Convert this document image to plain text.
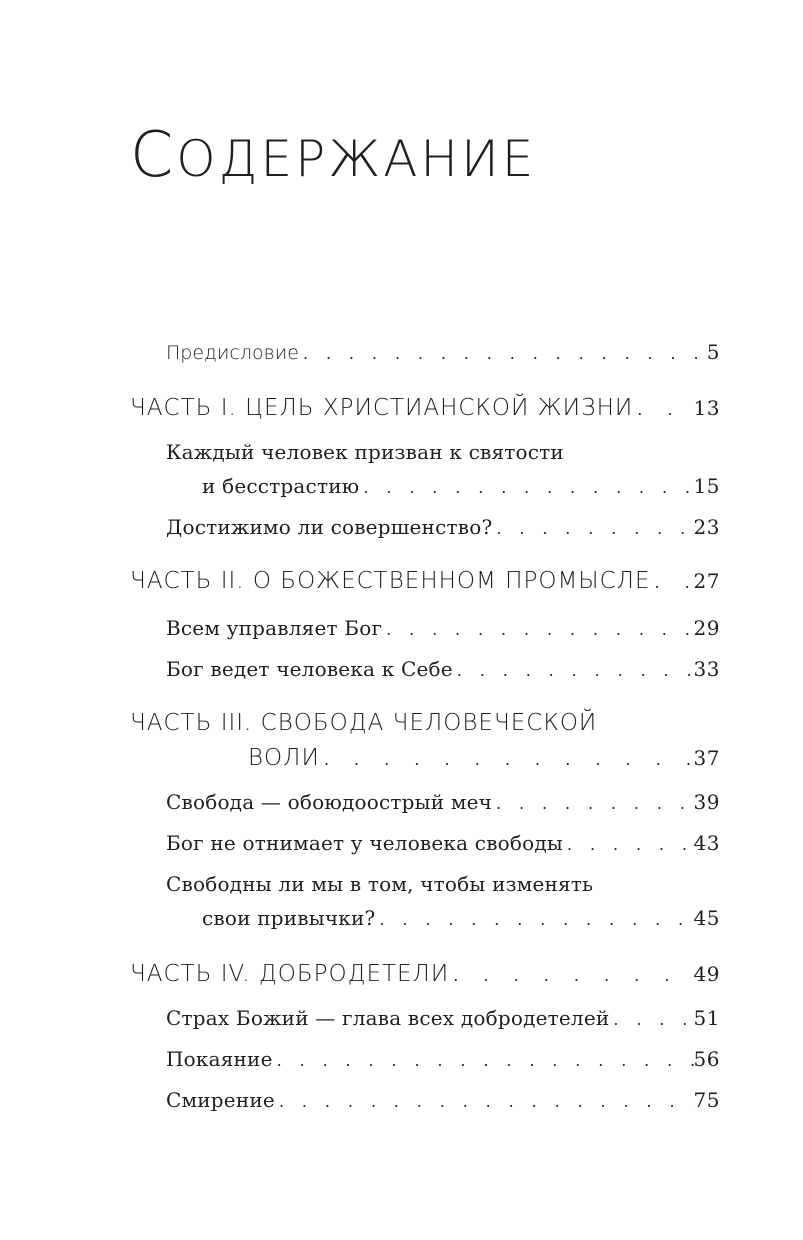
СОДЕРЖАНИЕ
Предисловие . . .	5
ЧАСТЬ I. ЦЕЛЬ ХРИСТИАНСКОЙ ЖИЗНИ . . .	13
Каждый человек призван к святости
и бесстрастию . . .	15
Достижимо ли совершенство? . . .	23
ЧАСТЬ II. О БОЖЕСТВЕННОМ ПРОМЫСЛЕ . . . 27
Всем управляет Бог . . .	29
Бог ведет человека к Себе . . .	33
ЧАСТЬ III. СВОБОДА ЧЕЛОВЕЧЕСКОЙ
ВОЛИ . . .	37
Свобода — обоюдоострый меч . . .	39
Бог не отнимает у человека свободы . . .	43
Свободны ли мы в том, чтобы изменять
свои привычки? . . .	45
ЧАСТЬ IV. ДОБРОДЕТЕЛИ . . .	49
Страх Божий — глава всех добродетелей . . .	51
Покаяние . . .	56
Смирение . . .	75
